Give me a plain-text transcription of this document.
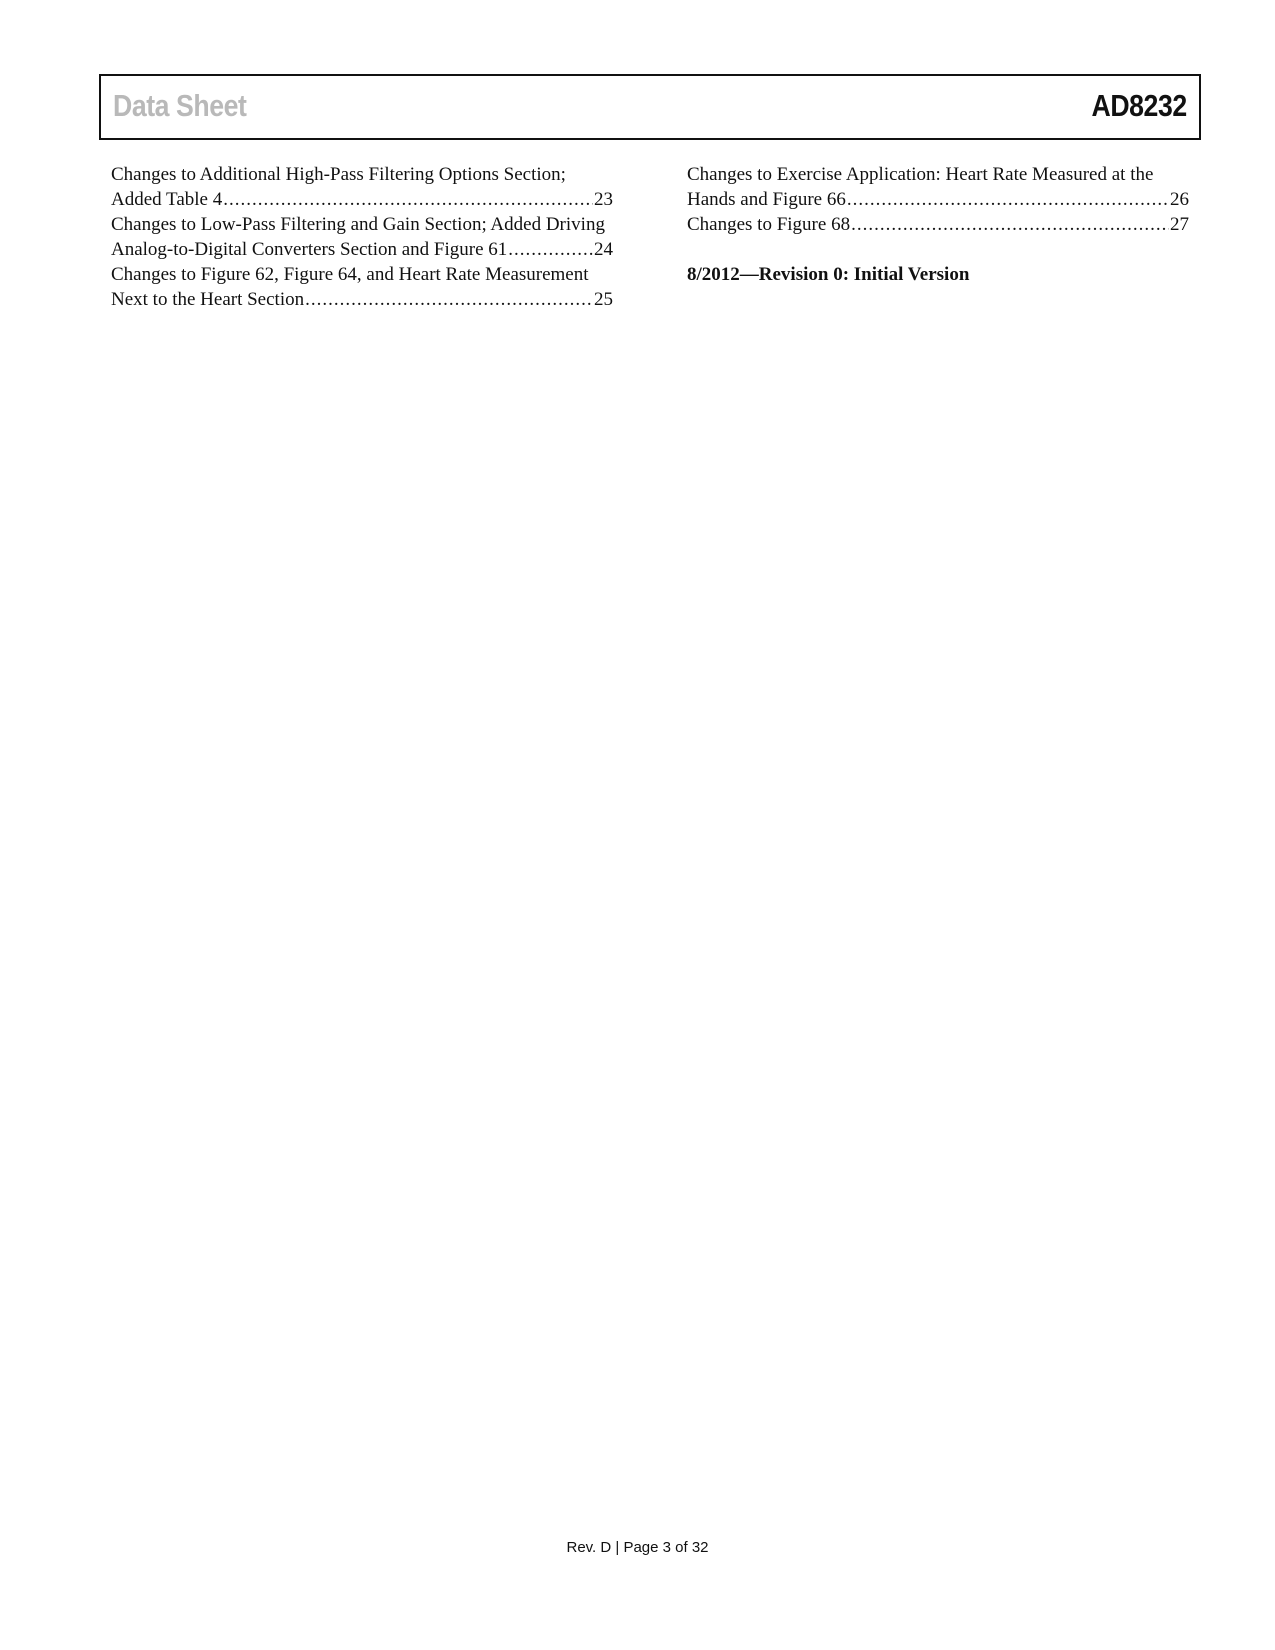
Data Sheet	AD8232
Changes to Additional High-Pass Filtering Options Section;
Added Table 4 .....	23
Changes to Low-Pass Filtering and Gain Section; Added Driving
Analog-to-Digital Converters Section and Figure 61 .....	24
Changes to Figure 62, Figure 64, and Heart Rate Measurement
Next to the Heart Section .....	25
Changes to Exercise Application: Heart Rate Measured at the
Hands and Figure 66 .....	26
Changes to Figure 68 .....	27
8/2012—Revision 0: Initial Version
Rev. D | Page 3 of 32
